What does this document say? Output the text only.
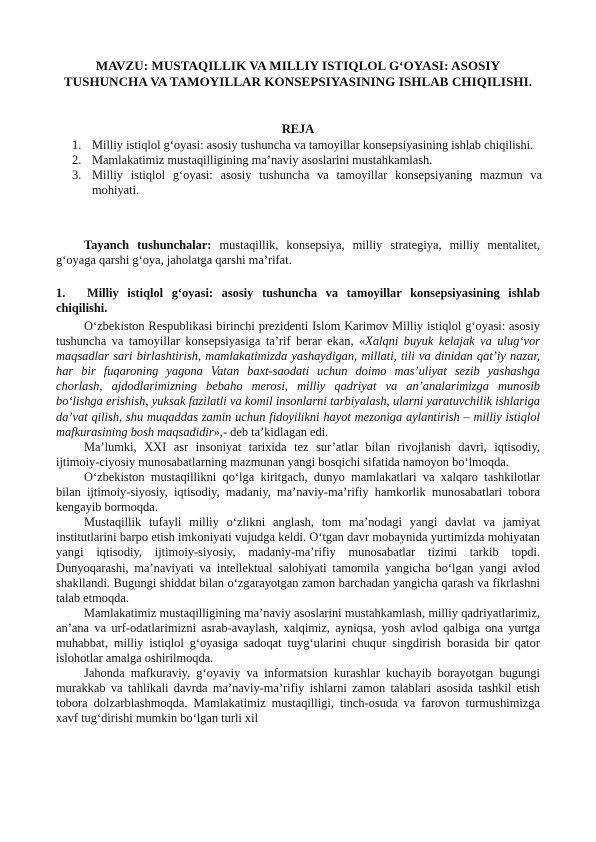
MAVZU: MUSTAQILLIK VA MILLIY ISTIQLOL G‘OYASI: ASOSIY TUSHUNCHA VA TAMOYILLAR KONSEPSIYASINING ISHLAB CHIQILISHI.
REJA
1. Milliy istiqlol g‘oyasi: asosiy tushuncha va tamoyillar konsepsiyasining ishlab chiqilishi.
2. Mamlakatimiz mustaqilligining ma’naviy asoslarini mustahkamlash.
3. Milliy istiqlol g‘oyasi: asosiy tushuncha va tamoyillar konsepsiyaning mazmun va mohiyati.
Tayanch tushunchalar: mustaqillik, konsepsiya, milliy strategiya, milliy mentalitet, g‘oyaga qarshi g‘oya, jaholatga qarshi ma’rifat.
1. Milliy istiqlol g‘oyasi: asosiy tushuncha va tamoyillar konsepsiyasining ishlab chiqilishi.

O‘zbekiston Respublikasi birinchi prezidenti Islom Karimov Milliy istiqlol g‘oyasi: asosiy tushuncha va tamoyillar konsepsiyasiga ta’rif berar ekan, «Xalqni buyuk kelajak va ulug‘vor maqsadlar sari birlashtirish, mamlakatimizda yashaydigan, millati, tili va dinidan qat’iy nazar, har bir fuqaroning yagona Vatan baxt-saodati uchun doimo mas’uliyat sezib yashashga chorlash, ajdodlarimizning bebaho merosi, milliy qadriyat va an’analarimizga munosib bo‘lishga erishish, yuksak fazilatli va komil insonlarni tarbiyalash, ularni yaratuvchilik ishlariga da’vat qilish, shu muqaddas zamin uchun fidoyilikni hayot mezoniga aylantirish – milliy istiqlol mafkurasining bosh maqsadidir»,- deb ta’kidlagan edi.

Ma’lumki, XXI asr insoniyat tarixida tez sur’atlar bilan rivojlanish davri, iqtisodiy, ijtimoiy-ciyosiy munosabatlarning mazmunan yangi bosqichi sifatida namoyon bo‘lmoqda.

O‘zbekiston mustaqillikni qo‘lga kiritgach, dunyo mamlakatlari va xalqaro tashkilotlar bilan ijtimoiy-siyosiy, iqtisodiy, madaniy, ma’naviy-ma’rifiy hamkorlik munosabatlari tobora kengayib bormoqda.

Mustaqillik tufayli milliy o‘zlikni anglash, tom ma’nodagi yangi davlat va jamiyat institutlarini barpo etish imkoniyati vujudga keldi. O‘tgan davr mobaynida yurtimizda mohiyatan yangi iqtisodiy, ijtimoiy-siyosiy, madaniy-ma’rifiy munosabatlar tizimi tarkib topdi. Dunyoqarashi, ma’naviyati va intellektual salohiyati tamomila yangicha bo‘lgan yangi avlod shakllandi. Bugungi shiddat bilan o‘zgarayotgan zamon barchadan yangicha qarash va fikrlashni talab etmoqda.

Mamlakatimiz mustaqilligining ma’naviy asoslarini mustahkamlash, milliy qadriyatlarimiz, an’ana va urf-odatlarimizni asrab-avaylash, xalqimiz, ayniqsa, yosh avlod qalbiga ona yurtga muhabbat, milliy istiqlol g‘oyasiga sadoqat tuyg‘ularini chuqur singdirish borasida bir qator islohotlar amalga oshirilmoqda.

Jahonda mafkuraviy, g‘oyaviy va informatsion kurashlar kuchayib borayotgan bugungi murakkab va tahlikali davrda ma’naviy-ma’rifiy ishlarni zamon talablari asosida tashkil etish tobora dolzarblashmoqda. Mamlakatimiz mustaqilligi, tinch-osuda va farovon turmushimizga xavf tug‘dirishi mumkin bo‘lgan turli xil
